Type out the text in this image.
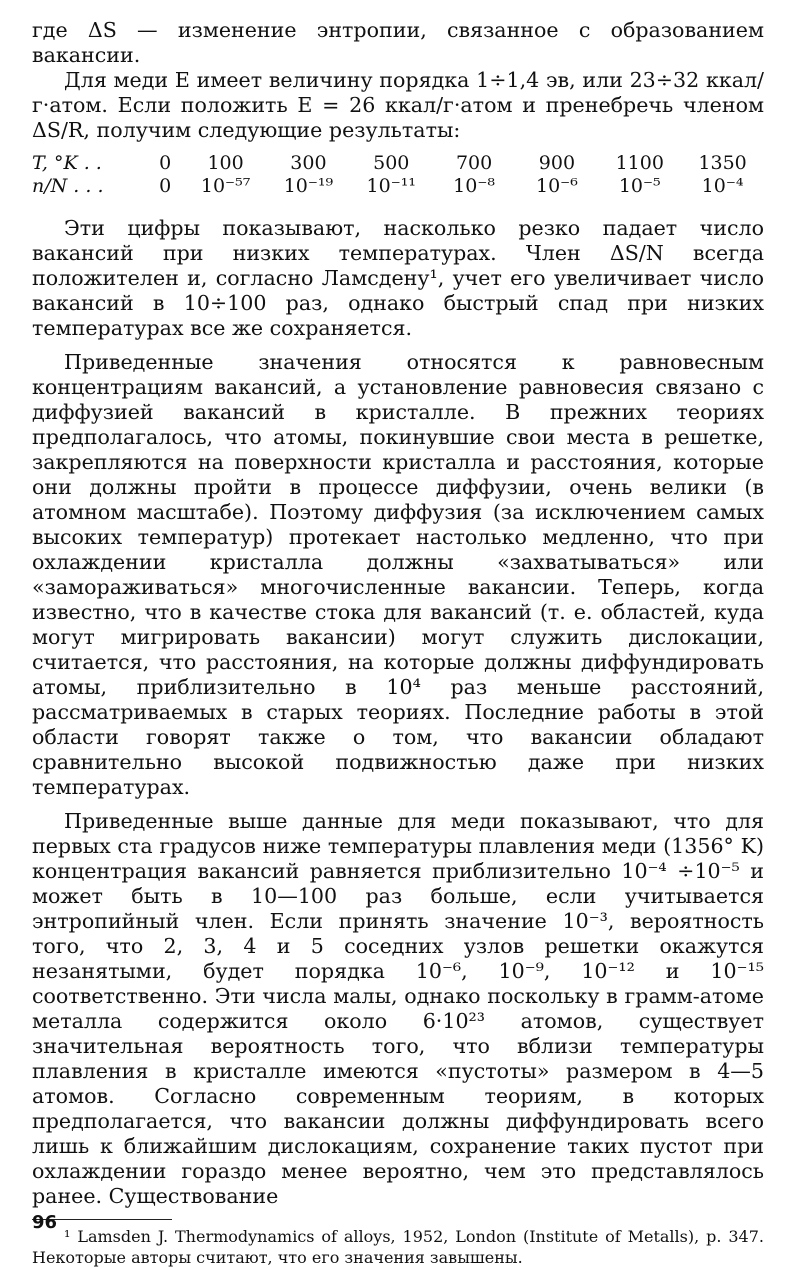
где ΔS — изменение энтропии, связанное с образованием вакансии.

Для меди E имеет величину порядка 1÷1,4 эв, или 23÷32 ккал/г·атом. Если положить E = 26 ккал/г·атом и пренебречь членом ΔS/R, получим следующие результаты:

T, °K . .	0	100	300	500	700	900	1100	1350
n/N . . .	0	10⁻⁵⁷	10⁻¹⁹	10⁻¹¹	10⁻⁸	10⁻⁶	10⁻⁵	10⁻⁴

Эти цифры показывают, насколько резко падает число вакансий при низких температурах. Член ΔS/N всегда положителен и, согласно Ламсдену¹, учет его увеличивает число вакансий в 10÷100 раз, однако быстрый спад при низких температурах все же сохраняется.

Приведенные значения относятся к равновесным концентрациям вакансий, а установление равновесия связано с диффузией вакансий в кристалле. В прежних теориях предполагалось, что атомы, покинувшие свои места в решетке, закрепляются на поверхности кристалла и расстояния, которые они должны пройти в процессе диффузии, очень велики (в атомном масштабе). Поэтому диффузия (за исключением самых высоких температур) протекает настолько медленно, что при охлаждении кристалла должны «захватываться» или «замораживаться» многочисленные вакансии. Теперь, когда известно, что в качестве стока для вакансий (т. е. областей, куда могут мигрировать вакансии) могут служить дислокации, считается, что расстояния, на которые должны диффундировать атомы, приблизительно в 10⁴ раз меньше расстояний, рассматриваемых в старых теориях. Последние работы в этой области говорят также о том, что вакансии обладают сравнительно высокой подвижностью даже при низких температурах.

Приведенные выше данные для меди показывают, что для первых ста градусов ниже температуры плавления меди (1356° K) концентрация вакансий равняется приблизительно 10⁻⁴ ÷10⁻⁵ и может быть в 10—100 раз больше, если учитывается энтропийный член. Если принять значение 10⁻³, вероятность того, что 2, 3, 4 и 5 соседних узлов решетки окажутся незанятыми, будет порядка 10⁻⁶, 10⁻⁹, 10⁻¹² и 10⁻¹⁵ соответственно. Эти числа малы, однако поскольку в грамм-атоме металла содержится около 6·10²³ атомов, существует значительная вероятность того, что вблизи температуры плавления в кристалле имеются «пустоты» размером в 4—5 атомов. Согласно современным теориям, в которых предполагается, что вакансии должны диффундировать всего лишь к ближайшим дислокациям, сохранение таких пустот при охлаждении гораздо менее вероятно, чем это представлялось ранее. Существование

¹ Lamsden J. Thermodynamics of alloys, 1952, London (Institute of Metalls), p. 347. Некоторые авторы считают, что его значения завышены.

96
